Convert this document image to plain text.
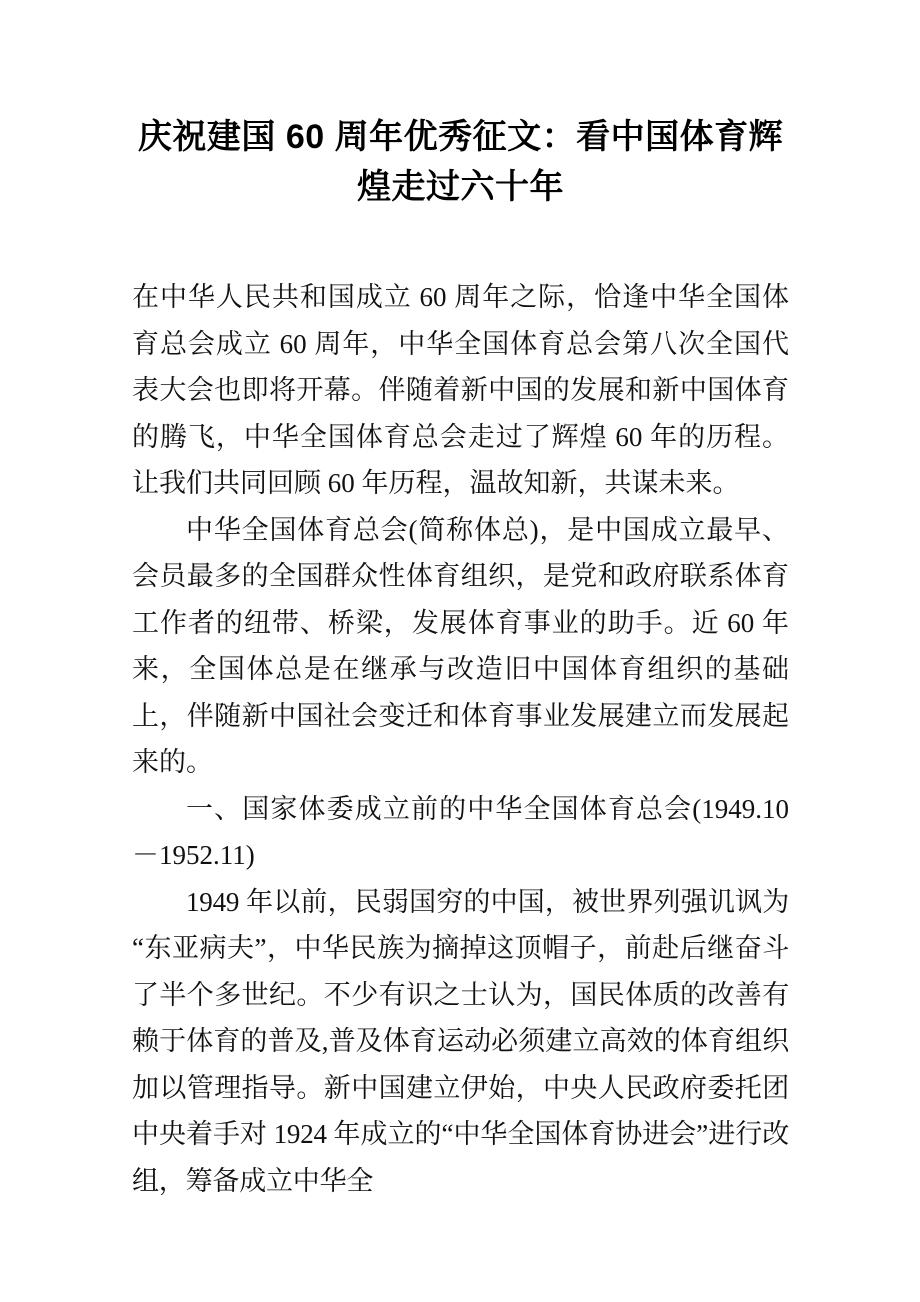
庆祝建国 60 周年优秀征文：看中国体育辉煌走过六十年

在中华人民共和国成立 60 周年之际，恰逢中华全国体育总会成立 60 周年，中华全国体育总会第八次全国代表大会也即将开幕。伴随着新中国的发展和新中国体育的腾飞，中华全国体育总会走过了辉煌 60 年的历程。让我们共同回顾 60 年历程，温故知新，共谋未来。

中华全国体育总会(简称体总)，是中国成立最早、会员最多的全国群众性体育组织，是党和政府联系体育工作者的纽带、桥梁，发展体育事业的助手。近 60 年来，全国体总是在继承与改造旧中国体育组织的基础上，伴随新中国社会变迁和体育事业发展建立而发展起来的。

一、国家体委成立前的中华全国体育总会(1949.10－1952.11)

1949 年以前，民弱国穷的中国，被世界列强讥讽为“东亚病夫”，中华民族为摘掉这顶帽子，前赴后继奋斗了半个多世纪。不少有识之士认为，国民体质的改善有赖于体育的普及,普及体育运动必须建立高效的体育组织加以管理指导。新中国建立伊始，中央人民政府委托团中央着手对 1924 年成立的“中华全国体育协进会”进行改组，筹备成立中华全
